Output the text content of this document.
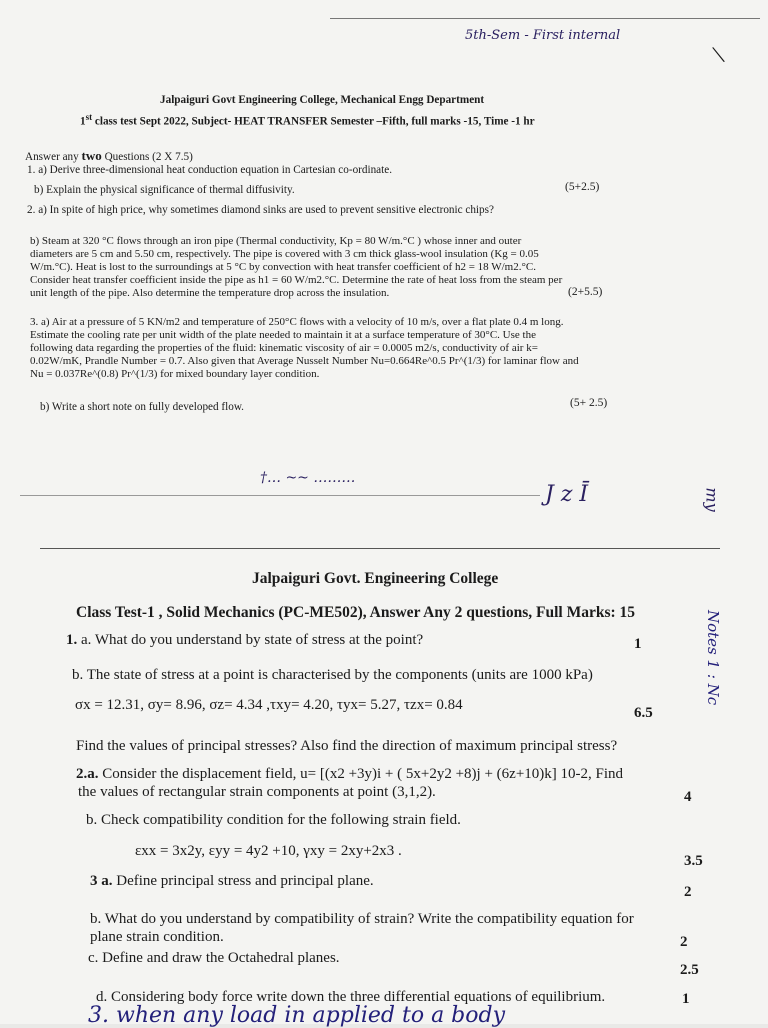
5th-Sem - First internal
\
Jalpaiguri Govt Engineering College, Mechanical Engg Department
1st class test Sept 2022, Subject- HEAT TRANSFER Semester –Fifth, full marks -15, Time -1 hr
Answer any two Questions (2 X 7.5)
1. a) Derive three-dimensional heat conduction equation in Cartesian co-ordinate.
b) Explain the physical significance of thermal diffusivity.	(5+2.5)
2. a) In spite of high price, why sometimes diamond sinks are used to prevent sensitive electronic chips?
b) Steam at 320 °C flows through an iron pipe (Thermal conductivity, Kp = 80 W/m.°C ) whose inner and outer
diameters are 5 cm and 5.50 cm, respectively. The pipe is covered with 3 cm thick glass-wool insulation (Kg = 0.05
W/m.°C). Heat is lost to the surroundings at 5 °C by convection with heat transfer coefficient of h2 = 18 W/m2.°C.
Consider heat transfer coefficient inside the pipe as h1 = 60 W/m2.°C. Determine the rate of heat loss from the steam per
unit length of the pipe. Also determine the temperature drop across the insulation.	(2+5.5)
3. a) Air at a pressure of 5 KN/m2 and temperature of 250°C flows with a velocity of 10 m/s, over a flat plate 0.4 m long.
Estimate the cooling rate per unit width of the plate needed to maintain it at a surface temperature of 30°C. Use the
following data regarding the properties of the fluid: kinematic viscosity of air = 0.0005 m2/s, conductivity of air k=
0.02W/mK, Prandle Number = 0.7. Also given that Average Nusselt Number Nu=0.664Re^0.5 Pr^(1/3) for laminar flow and
Nu = 0.037Re^(0.8) Pr^(1/3) for mixed boundary layer condition.
b) Write a short note on fully developed flow.	(5+ 2.5)
†… ~~ ………
J z Ī	my
Jalpaiguri Govt. Engineering College
Class Test-1 , Solid Mechanics (PC-ME502), Answer Any 2 questions, Full Marks: 15
1. a. What do you understand by state of stress at the point?	1
b. The state of stress at a point is characterised by the components (units are 1000 kPa)
σx = 12.31, σy= 8.96, σz= 4.34 ,τxy= 4.20, τyx= 5.27, τzx= 0.84	6.5
Find the values of principal stresses? Also find the direction of maximum principal stress?
2.a. Consider the displacement field, u= [(x2 +3y)i + ( 5x+2y2 +8)j + (6z+10)k] 10-2, Find
the values of rectangular strain components at point (3,1,2).	4
b. Check compatibility condition for the following strain field.
εxx = 3x2y, εyy = 4y2 +10, γxy = 2xy+2x3 .
3.5
3 a. Define principal stress and principal plane.
2
b. What do you understand by compatibility of strain? Write the compatibility equation for
plane strain condition.	2
c. Define and draw the Octahedral planes.
2.5
d. Considering body force write down the three differential equations of equilibrium.	1
3. when any load in applied to a body
Notes 1 : Nc
